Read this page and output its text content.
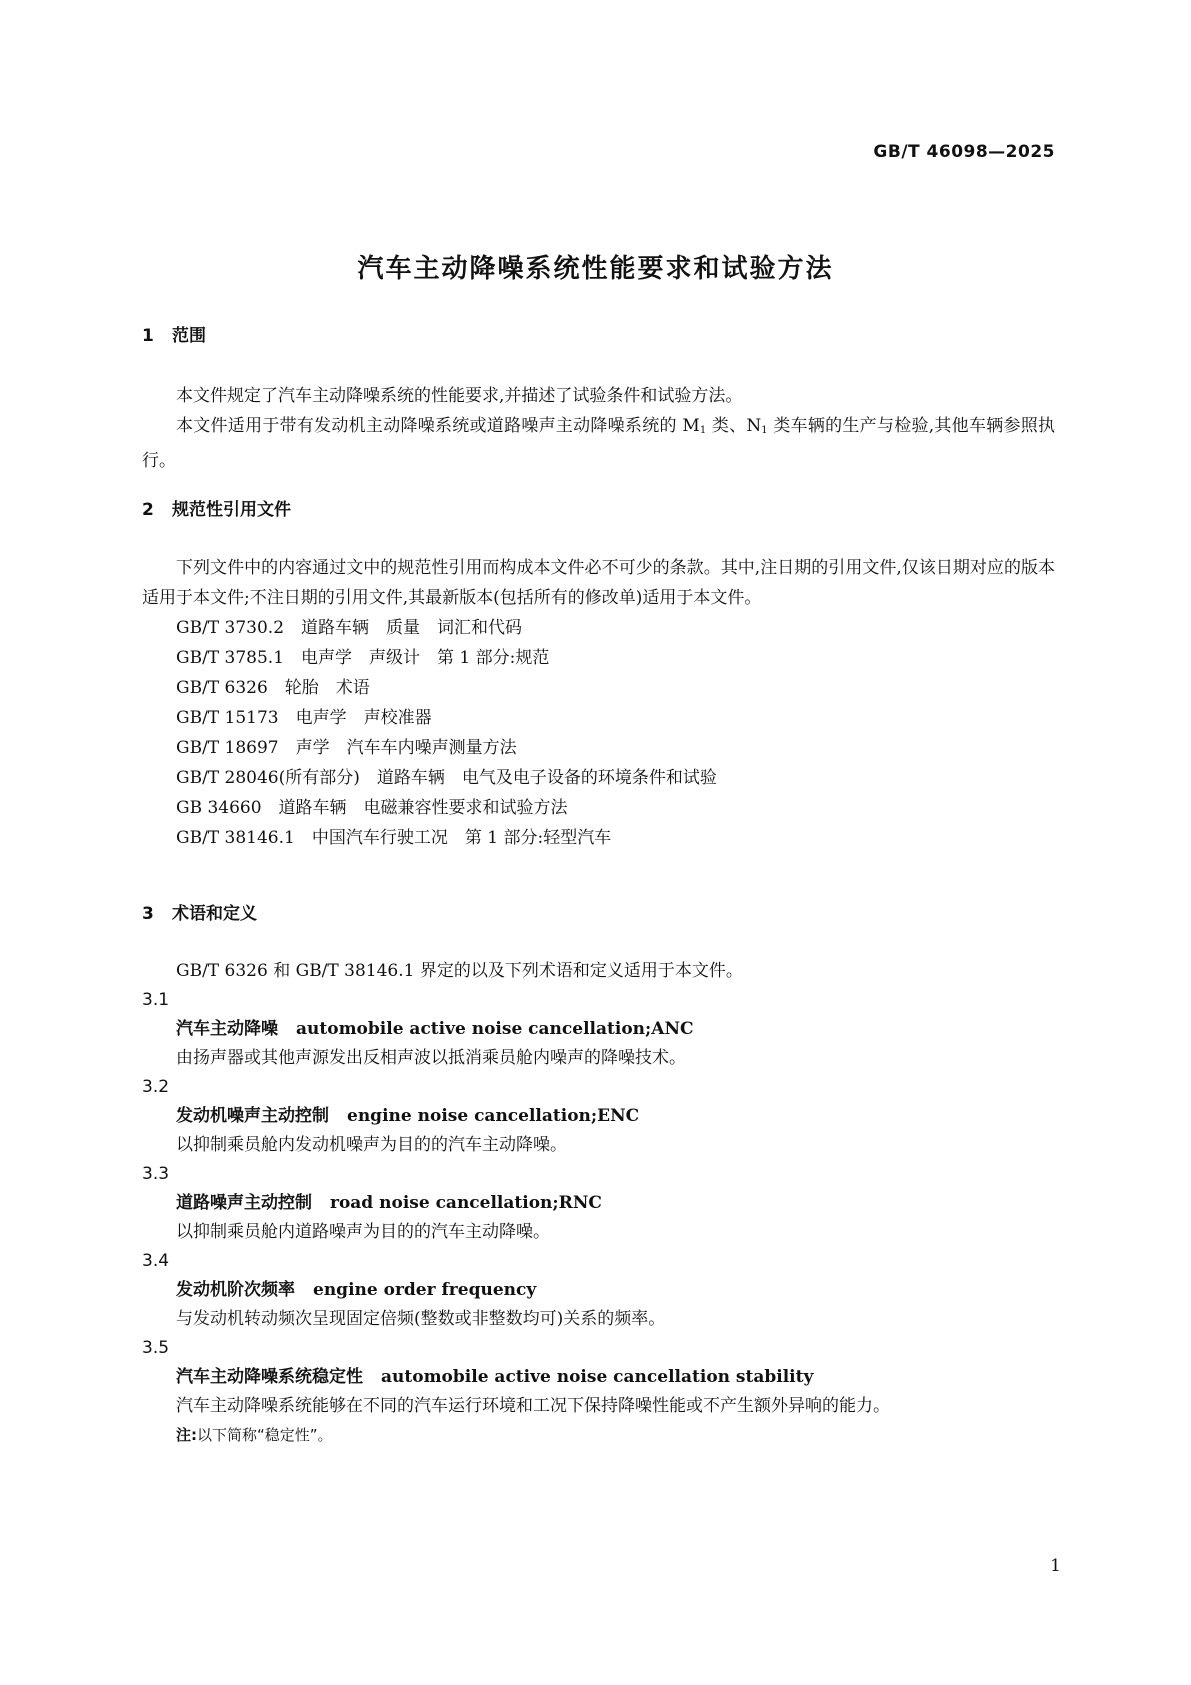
GB/T 46098—2025
汽车主动降噪系统性能要求和试验方法
1 范围
本文件规定了汽车主动降噪系统的性能要求,并描述了试验条件和试验方法。
本文件适用于带有发动机主动降噪系统或道路噪声主动降噪系统的 $M_1$ 类、$N_1$ 类车辆的生产与检验,其他车辆参照执行。
2 规范性引用文件
下列文件中的内容通过文中的规范性引用而构成本文件必不可少的条款。其中,注日期的引用文件,仅该日期对应的版本适用于本文件;不注日期的引用文件,其最新版本(包括所有的修改单)适用于本文件。
GB/T 3730.2　道路车辆　质量　词汇和代码
GB/T 3785.1　电声学　声级计　第 1 部分:规范
GB/T 6326　轮胎　术语
GB/T 15173　电声学　声校准器
GB/T 18697　声学　汽车车内噪声测量方法
GB/T 28046(所有部分)　道路车辆　电气及电子设备的环境条件和试验
GB 34660　道路车辆　电磁兼容性要求和试验方法
GB/T 38146.1　中国汽车行驶工况　第 1 部分:轻型汽车
3 术语和定义
GB/T 6326 和 GB/T 38146.1 界定的以及下列术语和定义适用于本文件。
3.1
汽车主动降噪 automobile active noise cancellation;ANC
由扬声器或其他声源发出反相声波以抵消乘员舱内噪声的降噪技术。
3.2
发动机噪声主动控制 engine noise cancellation;ENC
以抑制乘员舱内发动机噪声为目的的汽车主动降噪。
3.3
道路噪声主动控制 road noise cancellation;RNC
以抑制乘员舱内道路噪声为目的的汽车主动降噪。
3.4
发动机阶次频率 engine order frequency
与发动机转动频次呈现固定倍频(整数或非整数均可)关系的频率。
3.5
汽车主动降噪系统稳定性 automobile active noise cancellation stability
汽车主动降噪系统能够在不同的汽车运行环境和工况下保持降噪性能或不产生额外异响的能力。
注:以下简称“稳定性”。
1
